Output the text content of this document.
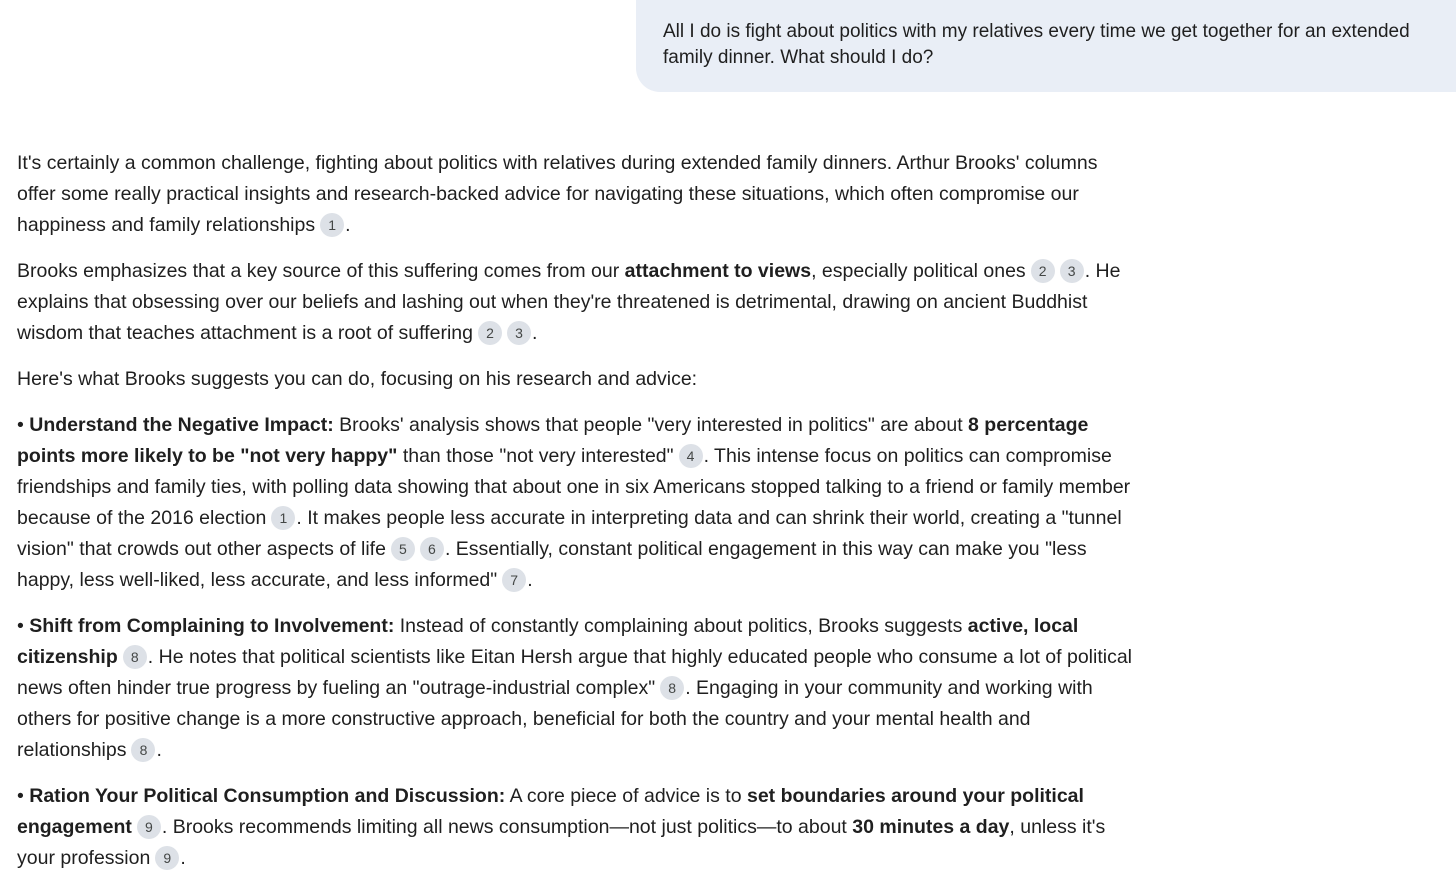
All I do is fight about politics with my relatives every time we get together for an extended family dinner. What should I do?

It's certainly a common challenge, fighting about politics with relatives during extended family dinners. Arthur Brooks' columns offer some really practical insights and research-backed advice for navigating these situations, which often compromise our happiness and family relationships 1 .

Brooks emphasizes that a key source of this suffering comes from our attachment to views, especially political ones 2 3 . He explains that obsessing over our beliefs and lashing out when they're threatened is detrimental, drawing on ancient Buddhist wisdom that teaches attachment is a root of suffering 2 3 .

Here's what Brooks suggests you can do, focusing on his research and advice:

• Understand the Negative Impact: Brooks' analysis shows that people "very interested in politics" are about 8 percentage points more likely to be "not very happy" than those "not very interested" 4 . This intense focus on politics can compromise friendships and family ties, with polling data showing that about one in six Americans stopped talking to a friend or family member because of the 2016 election 1 . It makes people less accurate in interpreting data and can shrink their world, creating a "tunnel vision" that crowds out other aspects of life 5 6 . Essentially, constant political engagement in this way can make you "less happy, less well-liked, less accurate, and less informed" 7 .

• Shift from Complaining to Involvement: Instead of constantly complaining about politics, Brooks suggests active, local citizenship 8 . He notes that political scientists like Eitan Hersh argue that highly educated people who consume a lot of political news often hinder true progress by fueling an "outrage-industrial complex" 8 . Engaging in your community and working with others for positive change is a more constructive approach, beneficial for both the country and your mental health and relationships 8 .

• Ration Your Political Consumption and Discussion: A core piece of advice is to set boundaries around your political engagement 9 . Brooks recommends limiting all news consumption—not just politics—to about 30 minutes a day, unless it's your profession 9 .
